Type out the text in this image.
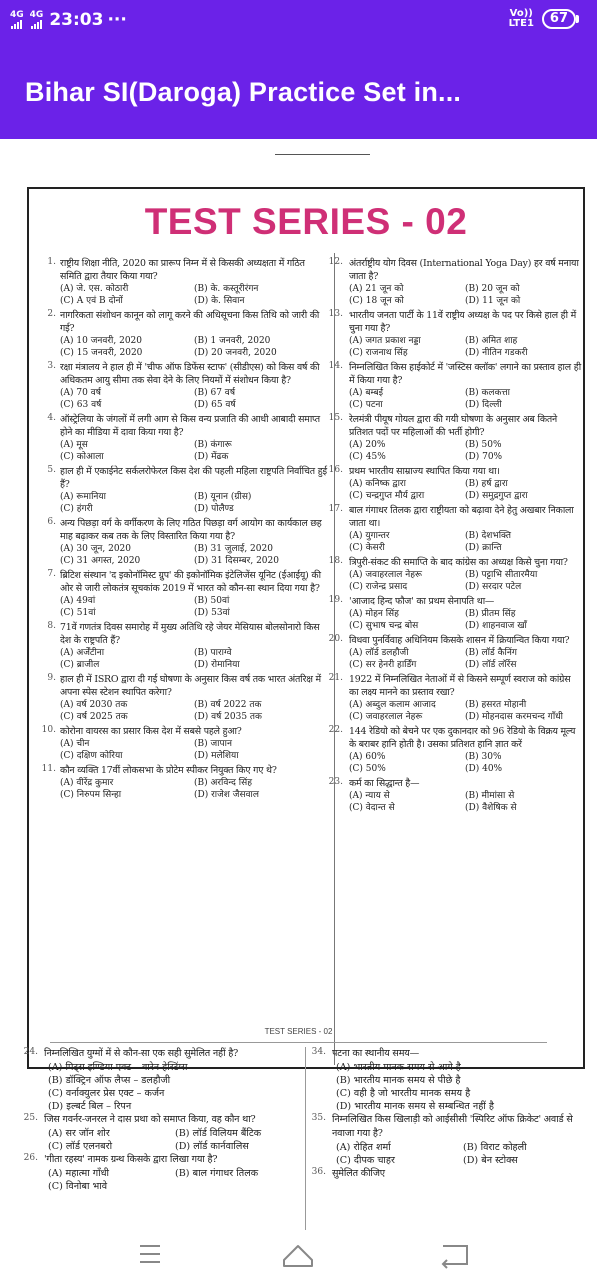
4G 4G 23:03 ···	Vo))
LTE1	67
Bihar SI(Daroga) Practice Set in...
TEST SERIES - 02
1. राष्ट्रीय शिक्षा नीति, 2020 का प्रारूप निम्न में से किसकी अध्यक्षता में गठित समिति द्वारा तैयार किया गया?
(A) जे. एस. कोठारी	(B) के. कस्तूरीरंगन
(C) A एवं B दोनों	(D) के. सिवान
2. नागरिकता संशोधन कानून को लागू करने की अधिसूचना किस तिथि को जारी की गई?
(A) 10 जनवरी, 2020	(B) 1 जनवरी, 2020
(C) 15 जनवरी, 2020	(D) 20 जनवरी, 2020
3. रक्षा मंत्रालय ने हाल ही में 'चीफ ऑफ डिफेंस स्टाफ' (सीडीएस) को किस वर्ष की अधिकतम आयु सीमा तक सेवा देने के लिए नियमों में संशोधन किया है?
(A) 70 वर्ष	(B) 67 वर्ष
(C) 63 वर्ष	(D) 65 वर्ष
4. ऑस्ट्रेलिया के जंगलों में लगी आग से किस वन्य प्रजाति की आधी आबादी समाप्त होने का मीडिया में दावा किया गया है?
(A) मूस	(B) कंगारू
(C) कोआला	(D) मेंढक
5. हाल ही में एकाईनेट सर्कलरोफेरल किस देश की पहली महिला राष्ट्रपति निर्वाचित हुई हैं?
(A) रूमानिया	(B) यूनान (ग्रीस)
(C) हंगरी	(D) पोलैण्ड
6. अन्य पिछड़ा वर्ग के वर्गीकरण के लिए गठित पिछड़ा वर्ग आयोग का कार्यकाल छह माह बढ़ाकर कब तक के लिए विस्तारित किया गया है?
(A) 30 जून, 2020	(B) 31 जुलाई, 2020
(C) 31 अगस्त, 2020	(D) 31 दिसम्बर, 2020
7. ब्रिटिश संस्थान 'द इकोनॉमिस्ट ग्रुप' की इकोनॉमिक इंटेलिजेंस यूनिट (ईआईयू) की ओर से जारी लोकतंत्र सूचकांक 2019 में भारत को कौन-सा स्थान दिया गया है?
(A) 49वां	(B) 50वां
(C) 51वां	(D) 53वां
8. 71वें गणतंत्र दिवस समारोह में मुख्य अतिथि रहे जेयर मेसियास बोलसोनारो किस देश के राष्ट्रपति हैं?
(A) अर्जेंटीना	(B) पाराग्वे
(C) ब्राजील	(D) रोमानिया
9. हाल ही में ISRO द्वारा दी गई घोषणा के अनुसार किस वर्ष तक भारत अंतरिक्ष में अपना स्पेस स्टेशन स्थापित करेगा?
(A) वर्ष 2030 तक	(B) वर्ष 2022 तक
(C) वर्ष 2025 तक	(D) वर्ष 2035 तक
10. कोरोना वायरस का प्रसार किस देश में सबसे पहले हुआ?
(A) चीन	(B) जापान
(C) दक्षिण कोरिया	(D) मलेशिया
11. कौन व्यक्ति 17वीं लोकसभा के प्रोटेम स्पीकर नियुक्त किए गए थे?
(A) वीरेंद्र कुमार	(B) अरविन्द सिंह
(C) निरुपम सिन्हा	(D) राजेश जैसवाल
12. अंतर्राष्ट्रीय योग दिवस (International Yoga Day) हर वर्ष मनाया जाता है?
(A) 21 जून को	(B) 20 जून को
(C) 18 जून को	(D) 11 जून को
13. भारतीय जनता पार्टी के 11वें राष्ट्रीय अध्यक्ष के पद पर किसे हाल ही में चुना गया है?
(A) जगत प्रकाश नड्डा	(B) अमित शाह
(C) राजनाथ सिंह	(D) नीतिन गडकरी
14. निम्नलिखित किस हाईकोर्ट में 'जस्टिस क्लॉक' लगाने का प्रस्ताव हाल ही में किया गया है?
(A) बम्बई	(B) कलकत्ता
(C) पटना	(D) दिल्ली
15. रेलमंत्री पीयूष गोयल द्वारा की गयी घोषणा के अनुसार अब कितने प्रतिशत पदों पर महिलाओं की भर्ती होगी?
(A) 20%	(B) 50%
(C) 45%	(D) 70%
16. प्रथम भारतीय साम्राज्य स्थापित किया गया था।
(A) कनिष्क द्वारा	(B) हर्ष द्वारा
(C) चन्द्रगुप्त मौर्य द्वारा	(D) समुद्रगुप्त द्वारा
17. बाल गंगाधर तिलक द्वारा राष्ट्रीयता को बढ़ावा देने हेतु अखबार निकाला जाता था।
(A) युगान्तर	(B) देशभक्ति
(C) केसरी	(D) क्रान्ति
18. त्रिपुरी-संकट की समाप्ति के बाद कांग्रेस का अध्यक्ष किसे चुना गया?
(A) जवाहरलाल नेहरू	(B) पट्टाभि सीतारमैया
(C) राजेन्द्र प्रसाद	(D) सरदार पटेल
19. 'आजाद हिन्द फौज' का प्रथम सेनापति था—
(A) मोहन सिंह	(B) प्रीतम सिंह
(C) सुभाष चन्द्र बोस	(D) शाहनवाज खाँ
20. विधवा पुनर्विवाह अधिनियम किसके शासन में क्रियान्वित किया गया?
(A) लॉर्ड डलहौजी	(B) लॉर्ड कैनिंग
(C) सर हेनरी हार्डिंग	(D) लॉर्ड लॉरेंस
21. 1922 में निम्नलिखित नेताओं में से किसने सम्पूर्ण स्वराज को कांग्रेस का लक्ष्य मानने का प्रस्ताव रखा?
(A) अब्दुल कलाम आजाद	(B) हसरत मोहानी
(C) जवाहरलाल नेहरू	(D) मोहनदास करमचन्द गाँधी
22. 144 रेडियो को बेचने पर एक दुकानदार को 96 रेडियो के विक्रय मूल्य के बराबर हानि होती है। उसका प्रतिशत हानि ज्ञात करें
(A) 60%	(B) 30%
(C) 50%	(D) 40%
23. कर्म का सिद्धान्त है—
(A) न्याय से	(B) मीमांसा से
(C) वेदान्त से	(D) वैशेषिक से
TEST SERIES - 02
24. निम्नलिखित युग्मों में से कौन-सा एक सही सुमेलित नहीं है?
(A) पिट्स इण्डिया एक्ट – वारेन हेस्टिंग्स
(B) डॉक्ट्रिन ऑफ लैप्स – डलहौजी
(C) वर्नाक्युलर प्रेस एक्ट – कर्जन
(D) इल्बर्ट बिल – रिपन
25. जिस गवर्नर-जनरल ने दास प्रथा को समाप्त किया, वह कौन था?
(A) सर जॉन शोर	(B) लॉर्ड विलियम बैंटिक
(C) लॉर्ड एलनबरो	(D) लॉर्ड कार्नवालिस
26. 'गीता रहस्य' नामक ग्रन्थ किसके द्वारा लिखा गया है?
(A) महात्मा गाँधी	(B) बाल गंगाधर तिलक
(C) विनोबा भावे
34. पटना का स्थानीय समय—
(A) भारतीय मानक समय से आगे है
(B) भारतीय मानक समय से पीछे है
(C) वही है जो भारतीय मानक समय है
(D) भारतीय मानक समय से सम्बन्धित नहीं है
35. निम्नलिखित किस खिलाड़ी को आईसीसी 'स्पिरिट ऑफ क्रिकेट' अवार्ड से नवाजा गया है?
(A) रोहित शर्मा	(B) विराट कोहली
(C) दीपक चाहर	(D) बेन स्टोक्स
36. सुमेलित कीजिए
